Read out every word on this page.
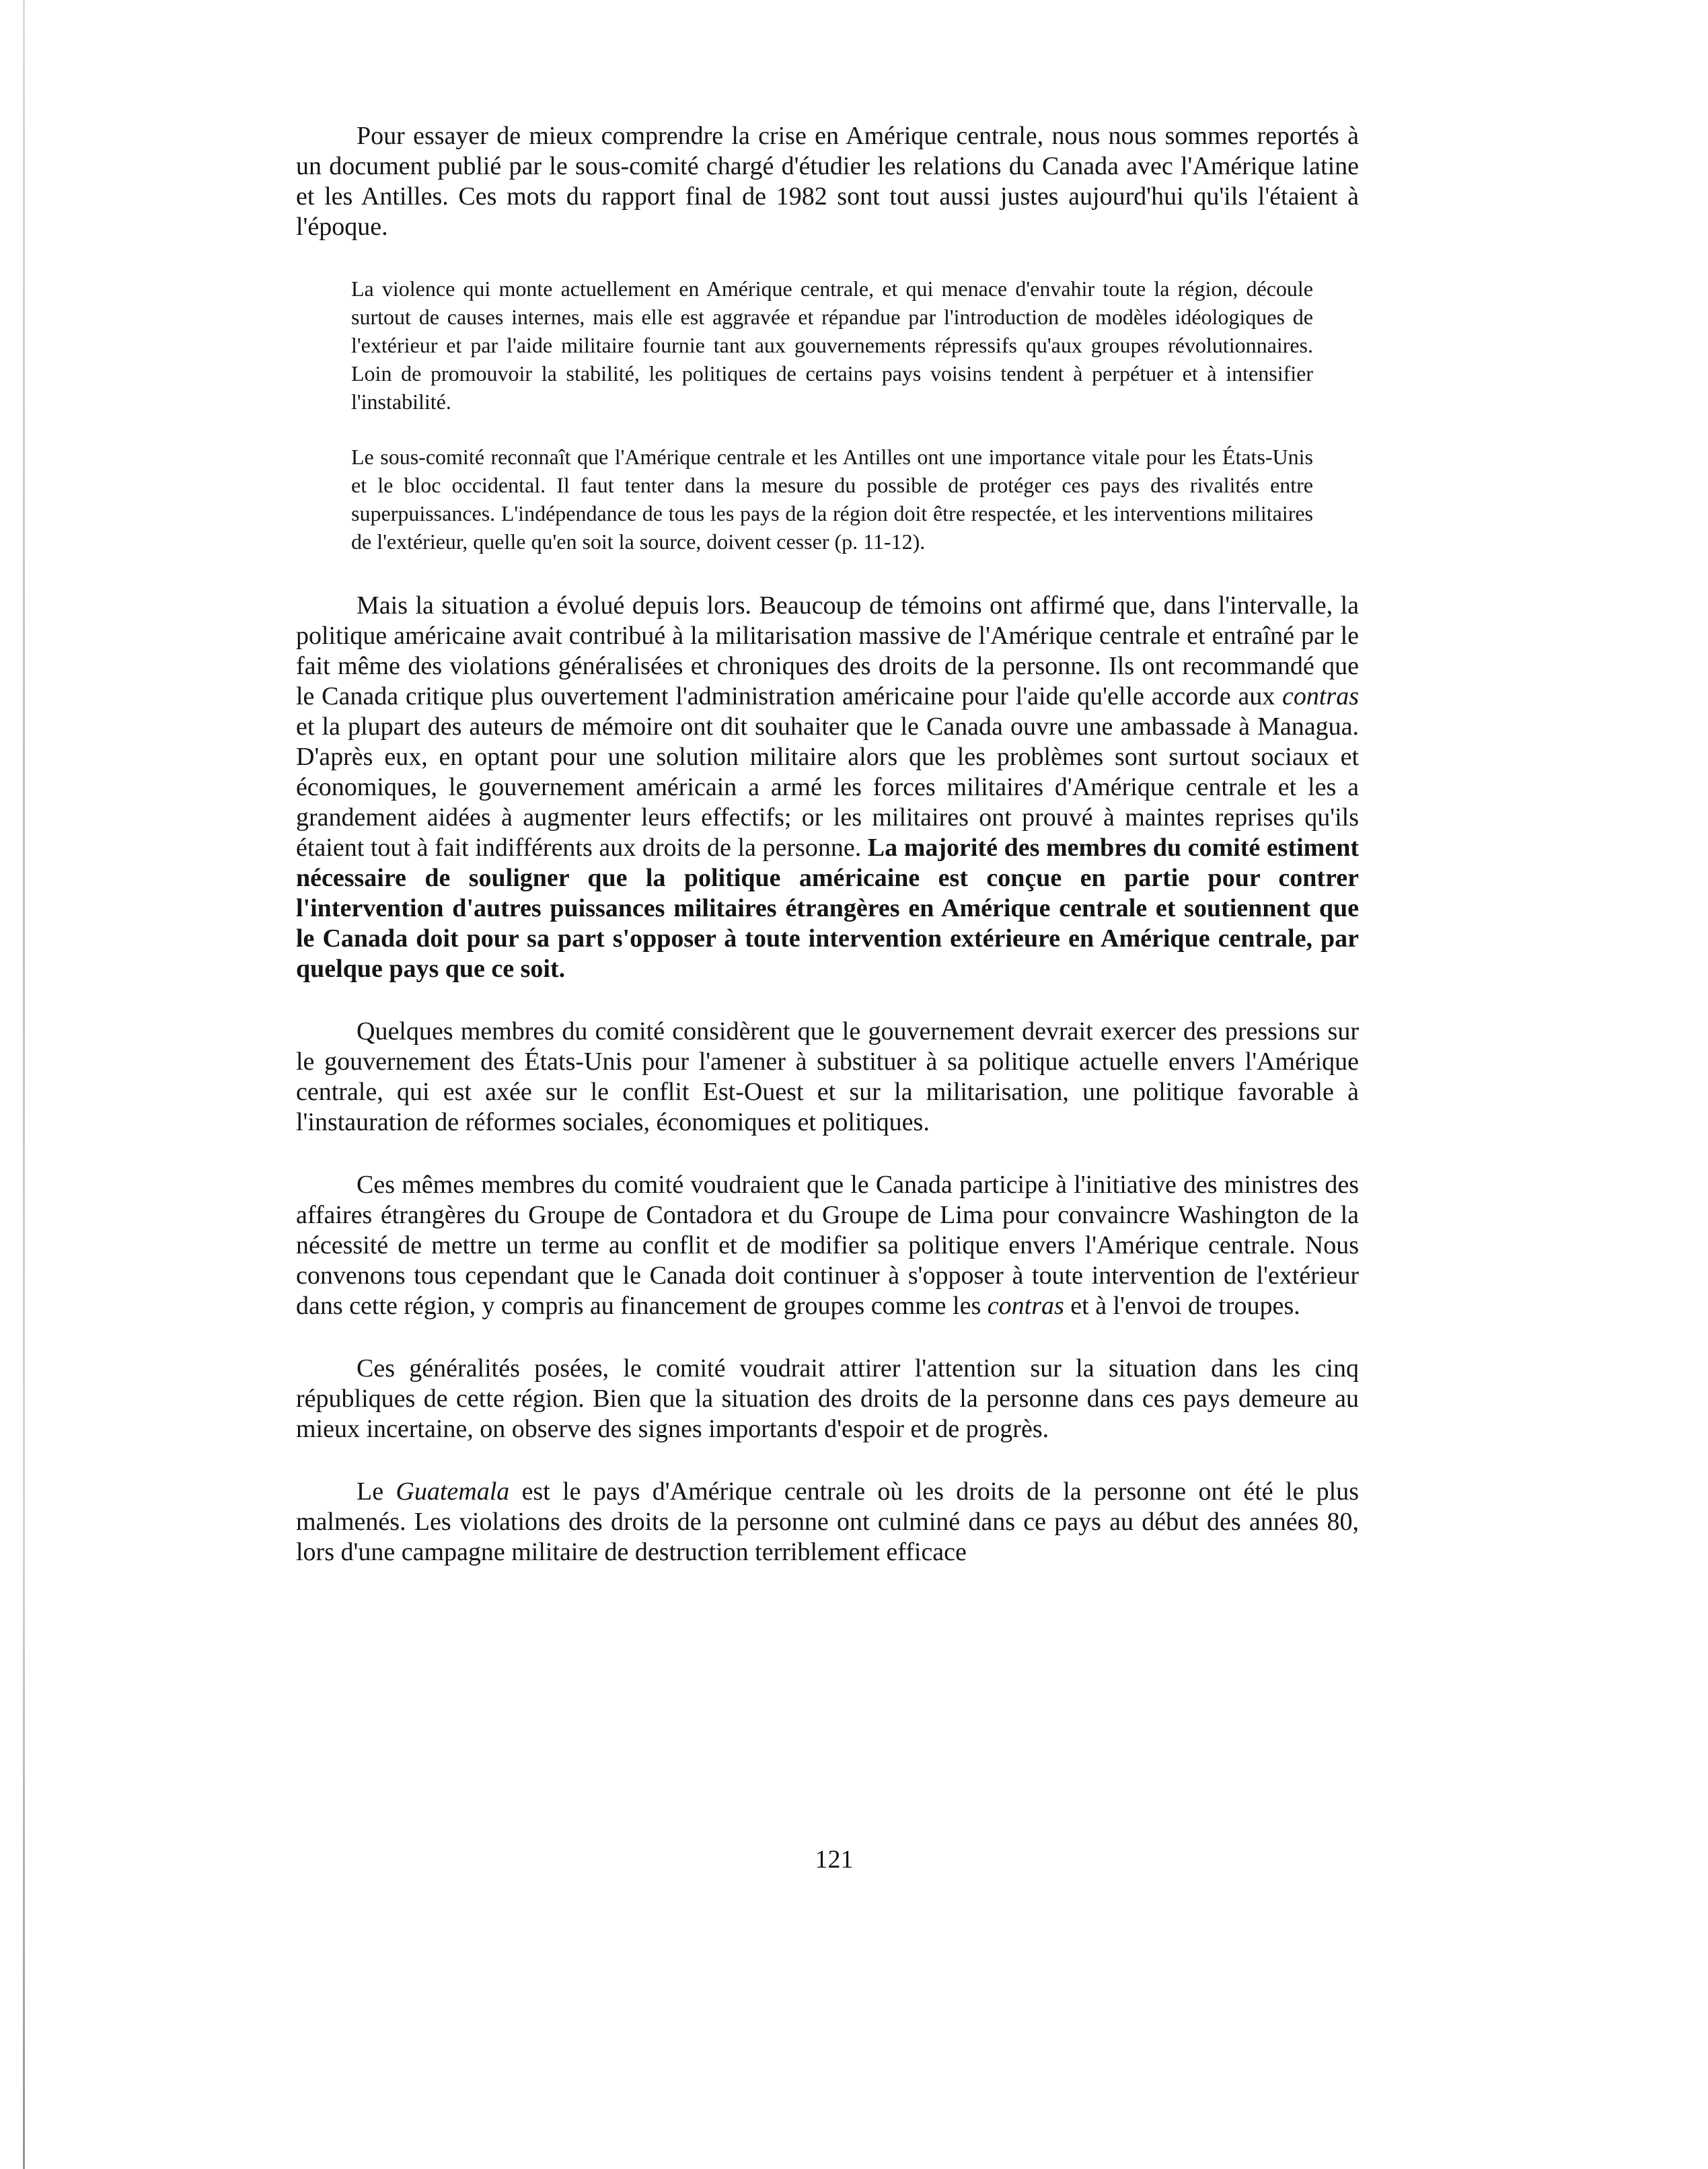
Pour essayer de mieux comprendre la crise en Amérique centrale, nous nous sommes reportés à un document publié par le sous-comité chargé d'étudier les relations du Canada avec l'Amérique latine et les Antilles. Ces mots du rapport final de 1982 sont tout aussi justes aujourd'hui qu'ils l'étaient à l'époque.

La violence qui monte actuellement en Amérique centrale, et qui menace d'envahir toute la région, découle surtout de causes internes, mais elle est aggravée et répandue par l'introduction de modèles idéologiques de l'extérieur et par l'aide militaire fournie tant aux gouvernements répressifs qu'aux groupes révolutionnaires. Loin de promouvoir la stabilité, les politiques de certains pays voisins tendent à perpétuer et à intensifier l'instabilité.

Le sous-comité reconnaît que l'Amérique centrale et les Antilles ont une importance vitale pour les États-Unis et le bloc occidental. Il faut tenter dans la mesure du possible de protéger ces pays des rivalités entre superpuissances. L'indépendance de tous les pays de la région doit être respectée, et les interventions militaires de l'extérieur, quelle qu'en soit la source, doivent cesser (p. 11-12).

Mais la situation a évolué depuis lors. Beaucoup de témoins ont affirmé que, dans l'intervalle, la politique américaine avait contribué à la militarisation massive de l'Amérique centrale et entraîné par le fait même des violations généralisées et chroniques des droits de la personne. Ils ont recommandé que le Canada critique plus ouvertement l'administration américaine pour l'aide qu'elle accorde aux contras et la plupart des auteurs de mémoire ont dit souhaiter que le Canada ouvre une ambassade à Managua. D'après eux, en optant pour une solution militaire alors que les problèmes sont surtout sociaux et économiques, le gouvernement américain a armé les forces militaires d'Amérique centrale et les a grandement aidées à augmenter leurs effectifs; or les militaires ont prouvé à maintes reprises qu'ils étaient tout à fait indifférents aux droits de la personne. La majorité des membres du comité estiment nécessaire de souligner que la politique américaine est conçue en partie pour contrer l'intervention d'autres puissances militaires étrangères en Amérique centrale et soutiennent que le Canada doit pour sa part s'opposer à toute intervention extérieure en Amérique centrale, par quelque pays que ce soit.

Quelques membres du comité considèrent que le gouvernement devrait exercer des pressions sur le gouvernement des États-Unis pour l'amener à substituer à sa politique actuelle envers l'Amérique centrale, qui est axée sur le conflit Est-Ouest et sur la militarisation, une politique favorable à l'instauration de réformes sociales, économiques et politiques.

Ces mêmes membres du comité voudraient que le Canada participe à l'initiative des ministres des affaires étrangères du Groupe de Contadora et du Groupe de Lima pour convaincre Washington de la nécessité de mettre un terme au conflit et de modifier sa politique envers l'Amérique centrale. Nous convenons tous cependant que le Canada doit continuer à s'opposer à toute intervention de l'extérieur dans cette région, y compris au financement de groupes comme les contras et à l'envoi de troupes.

Ces généralités posées, le comité voudrait attirer l'attention sur la situation dans les cinq républiques de cette région. Bien que la situation des droits de la personne dans ces pays demeure au mieux incertaine, on observe des signes importants d'espoir et de progrès.

Le Guatemala est le pays d'Amérique centrale où les droits de la personne ont été le plus malmenés. Les violations des droits de la personne ont culminé dans ce pays au début des années 80, lors d'une campagne militaire de destruction terriblement efficace

121
